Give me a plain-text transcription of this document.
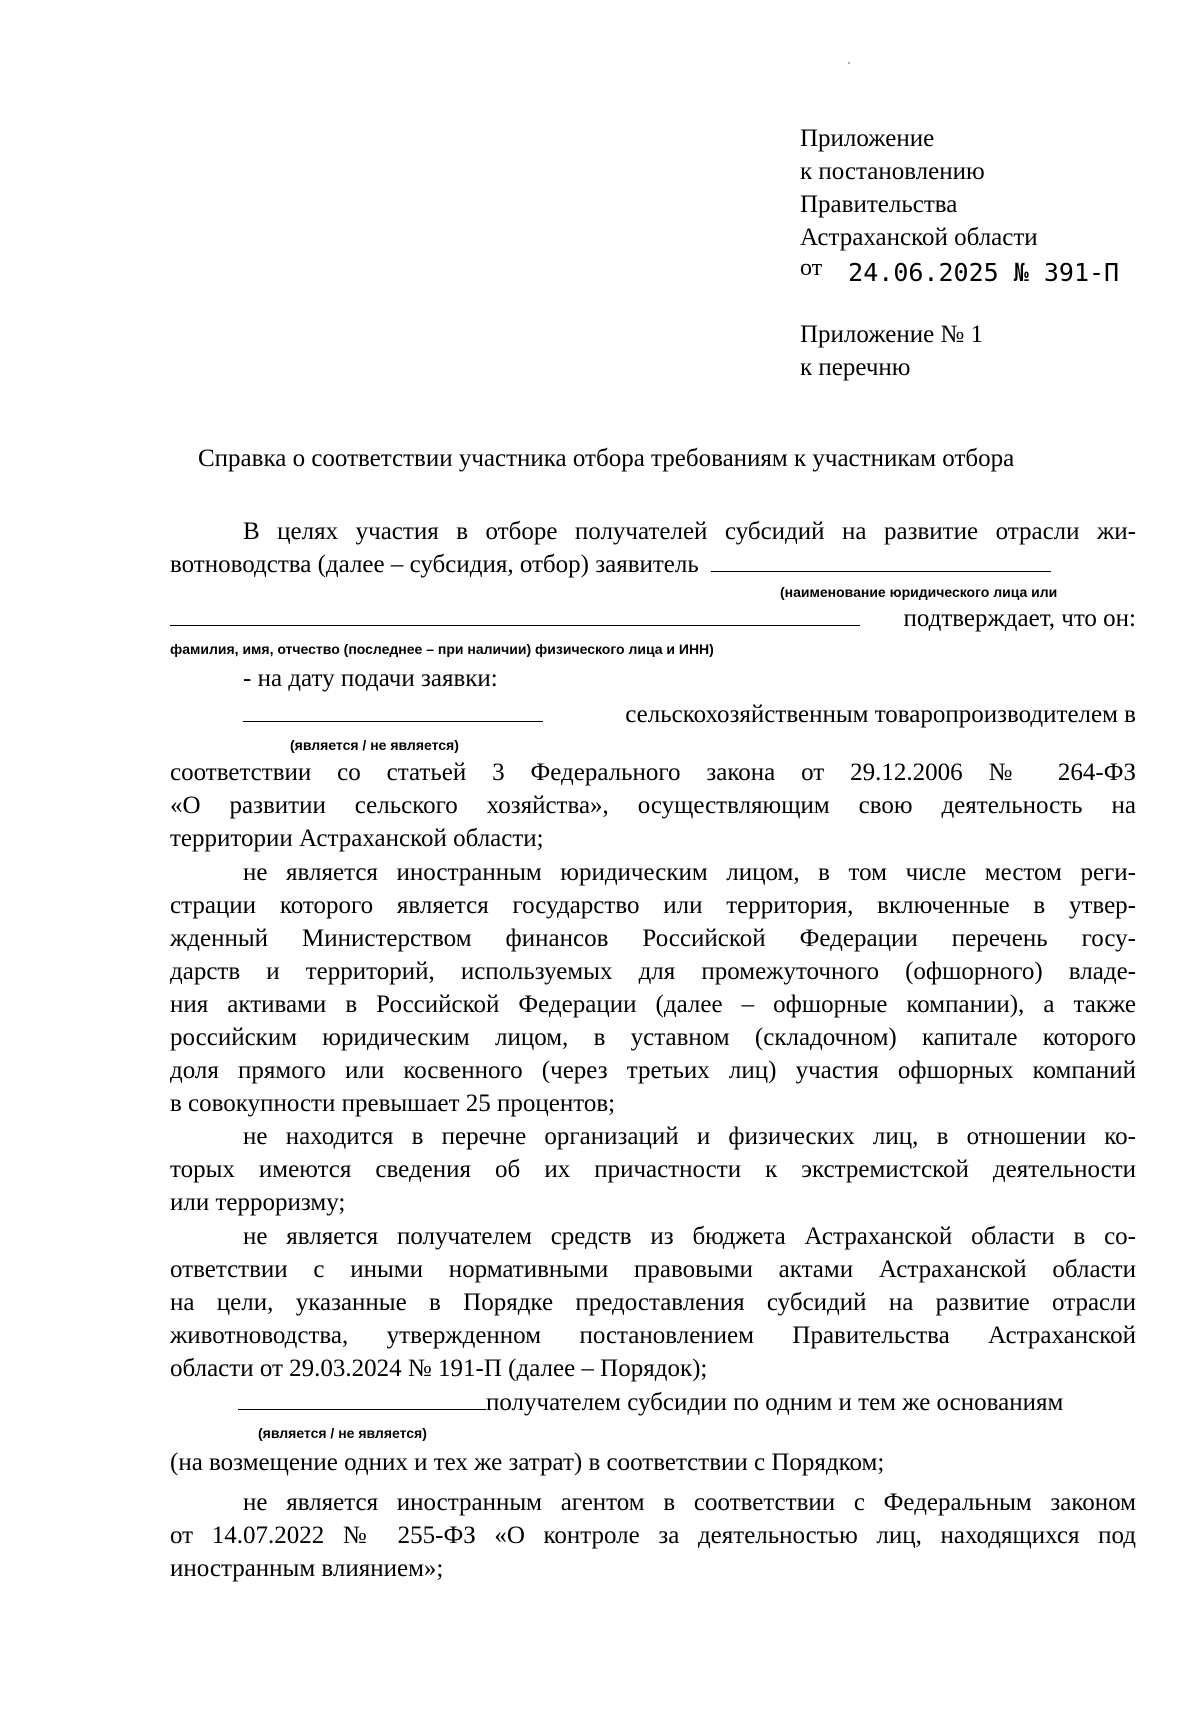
Приложение
к постановлению
Правительства
Астраханской области
от 24.06.2025 № 391-П
Приложение № 1
к перечню
Справка о соответствии участника отбора требованиям к участникам отбора
В целях участия в отборе получателей субсидий на развитие отрасли жи-
вотноводства (далее – субсидия, отбор) заявитель
(наименование юридического лица или
подтверждает, что он:
фамилия, имя, отчество (последнее – при наличии) физического лица и ИНН)
- на дату подачи заявки:
сельскохозяйственным товаропроизводителем в
(является / не является)
соответствии со статьей 3 Федерального закона от 29.12.2006 № 264-ФЗ
«О развитии сельского хозяйства», осуществляющим свою деятельность на
территории Астраханской области;
не является иностранным юридическим лицом, в том числе местом реги-
страции которого является государство или территория, включенные в утвер-
жденный Министерством финансов Российской Федерации перечень госу-
дарств и территорий, используемых для промежуточного (офшорного) владе-
ния активами в Российской Федерации (далее – офшорные компании), а также
российским юридическим лицом, в уставном (складочном) капитале которого
доля прямого или косвенного (через третьих лиц) участия офшорных компаний
в совокупности превышает 25 процентов;
не находится в перечне организаций и физических лиц, в отношении ко-
торых имеются сведения об их причастности к экстремистской деятельности
или терроризму;
не является получателем средств из бюджета Астраханской области в со-
ответствии с иными нормативными правовыми актами Астраханской области
на цели, указанные в Порядке предоставления субсидий на развитие отрасли
животноводства, утвержденном постановлением Правительства Астраханской
области от 29.03.2024 № 191-П (далее – Порядок);
получателем субсидии по одним и тем же основаниям
(является / не является)
(на возмещение одних и тех же затрат) в соответствии с Порядком;
не является иностранным агентом в соответствии с Федеральным законом
от 14.07.2022 № 255-ФЗ «О контроле за деятельностью лиц, находящихся под
иностранным влиянием»;
